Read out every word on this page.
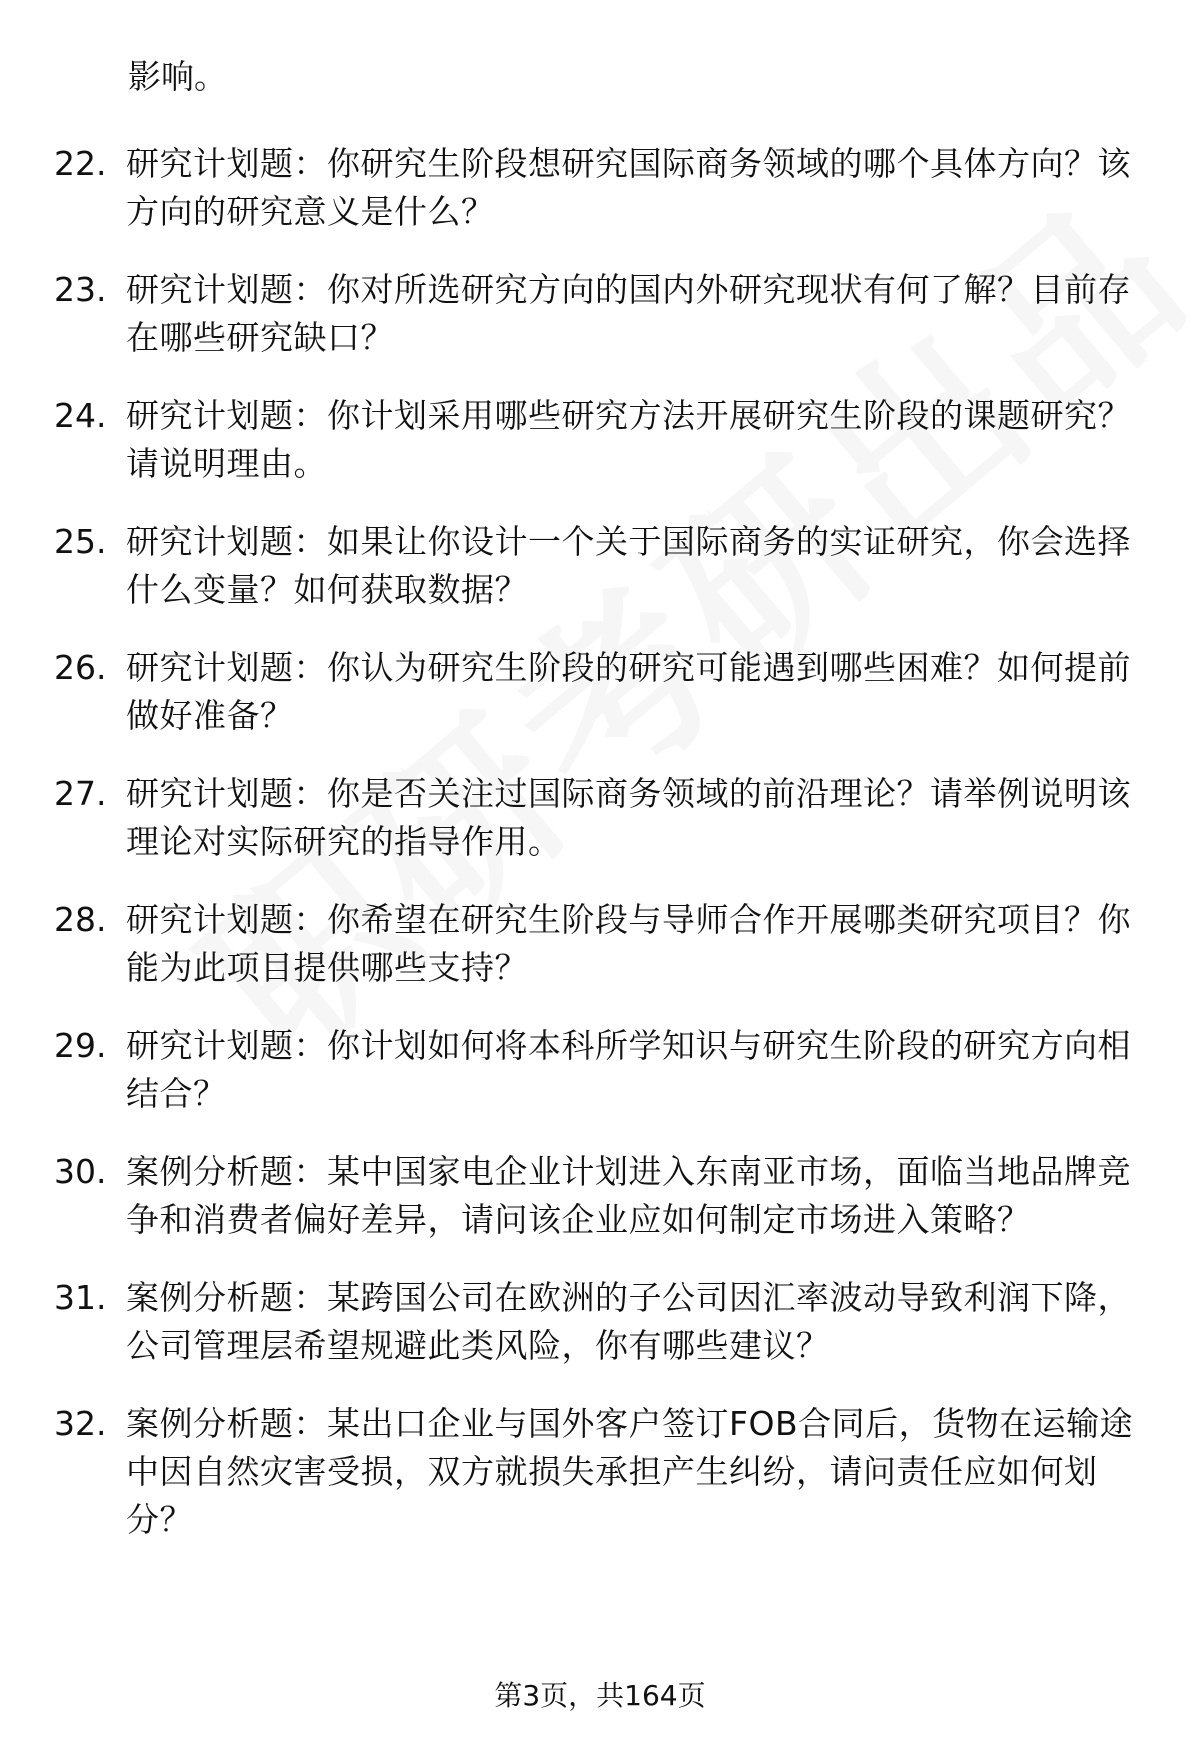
影响。
22. 研究计划题：你研究生阶段想研究国际商务领域的哪个具体方向？该方向的研究意义是什么？
23. 研究计划题：你对所选研究方向的国内外研究现状有何了解？目前存在哪些研究缺口？
24. 研究计划题：你计划采用哪些研究方法开展研究生阶段的课题研究？请说明理由。
25. 研究计划题：如果让你设计一个关于国际商务的实证研究，你会选择什么变量？如何获取数据？
26. 研究计划题：你认为研究生阶段的研究可能遇到哪些困难？如何提前做好准备？
27. 研究计划题：你是否关注过国际商务领域的前沿理论？请举例说明该理论对实际研究的指导作用。
28. 研究计划题：你希望在研究生阶段与导师合作开展哪类研究项目？你能为此项目提供哪些支持？
29. 研究计划题：你计划如何将本科所学知识与研究生阶段的研究方向相结合？
30. 案例分析题：某中国家电企业计划进入东南亚市场，面临当地品牌竞争和消费者偏好差异，请问该企业应如何制定市场进入策略？
31. 案例分析题：某跨国公司在欧洲的子公司因汇率波动导致利润下降，公司管理层希望规避此类风险，你有哪些建议？
32. 案例分析题：某出口企业与国外客户签订FOB合同后，货物在运输途中因自然灾害受损，双方就损失承担产生纠纷，请问责任应如何划分？
第3页，共164页
